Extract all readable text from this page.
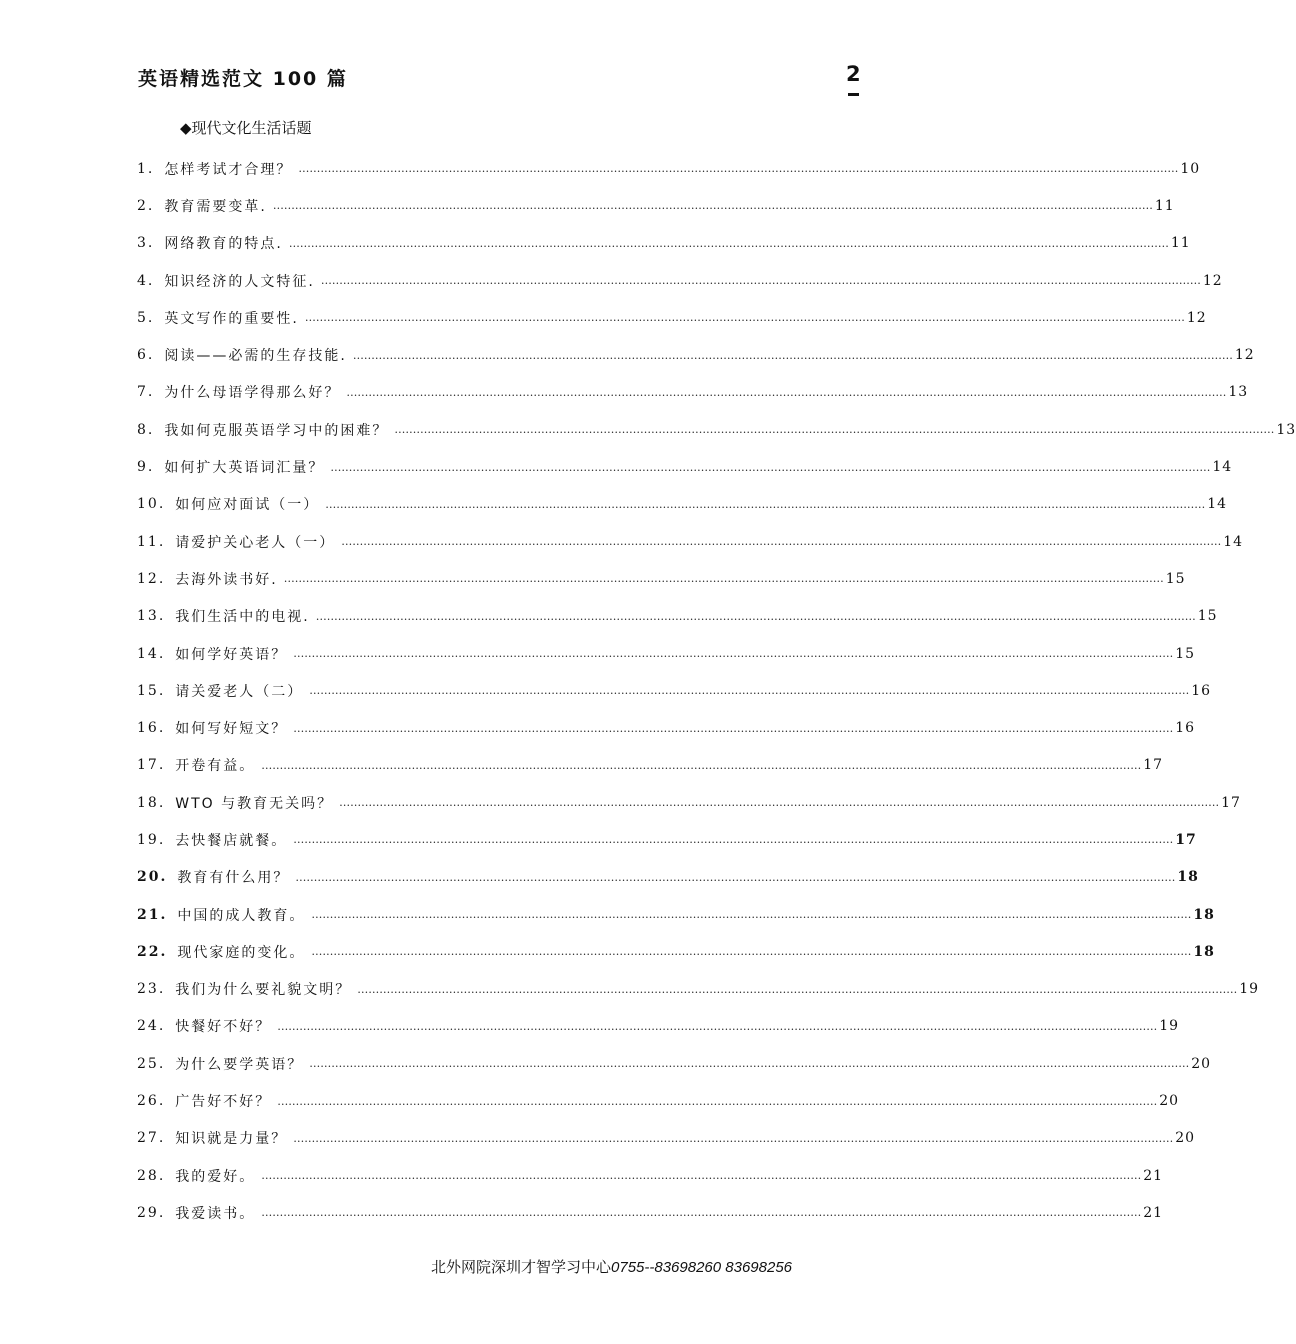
英语精选范文 100 篇	2
◆现代文化生活话题
1. 怎样考试才合理？ …………………………………………………………………………………………………………………………………………………………………………………………………………………… 10
2. 教育需要变革. …………………………………………………………………………………………………………………………………………………………………………………………………………………… 11
3. 网络教育的特点. …………………………………………………………………………………………………………………………………………………………………………………………………………………… 11
4. 知识经济的人文特征. …………………………………………………………………………………………………………………………………………………………………………………………………………………… 12
5. 英文写作的重要性. …………………………………………………………………………………………………………………………………………………………………………………………………………………… 12
6. 阅读——必需的生存技能. …………………………………………………………………………………………………………………………………………………………………………………………………………………… 12
7. 为什么母语学得那么好？ …………………………………………………………………………………………………………………………………………………………………………………………………………………… 13
8. 我如何克服英语学习中的困难？ …………………………………………………………………………………………………………………………………………………………………………………………………………………… 13
9. 如何扩大英语词汇量？ …………………………………………………………………………………………………………………………………………………………………………………………………………………… 14
10. 如何应对面试（一） …………………………………………………………………………………………………………………………………………………………………………………………………………………… 14
11. 请爱护关心老人（一） …………………………………………………………………………………………………………………………………………………………………………………………………………………… 14
12. 去海外读书好. …………………………………………………………………………………………………………………………………………………………………………………………………………………… 15
13. 我们生活中的电视. …………………………………………………………………………………………………………………………………………………………………………………………………………………… 15
14. 如何学好英语？ …………………………………………………………………………………………………………………………………………………………………………………………………………………… 15
15. 请关爱老人（二） …………………………………………………………………………………………………………………………………………………………………………………………………………………… 16
16. 如何写好短文？ …………………………………………………………………………………………………………………………………………………………………………………………………………………… 16
17. 开卷有益。 …………………………………………………………………………………………………………………………………………………………………………………………………………………… 17
18. WTO 与教育无关吗？ …………………………………………………………………………………………………………………………………………………………………………………………………………………… 17
19. 去快餐店就餐。 …………………………………………………………………………………………………………………………………………………………………………………………………………………… 17
20. 教育有什么用？ …………………………………………………………………………………………………………………………………………………………………………………………………………………… 18
21. 中国的成人教育。 …………………………………………………………………………………………………………………………………………………………………………………………………………………… 18
22. 现代家庭的变化。 …………………………………………………………………………………………………………………………………………………………………………………………………………………… 18
23. 我们为什么要礼貌文明？ …………………………………………………………………………………………………………………………………………………………………………………………………………………… 19
24. 快餐好不好？ …………………………………………………………………………………………………………………………………………………………………………………………………………………… 19
25. 为什么要学英语？ …………………………………………………………………………………………………………………………………………………………………………………………………………………… 20
26. 广告好不好？ …………………………………………………………………………………………………………………………………………………………………………………………………………………… 20
27. 知识就是力量？ …………………………………………………………………………………………………………………………………………………………………………………………………………………… 20
28. 我的爱好。 …………………………………………………………………………………………………………………………………………………………………………………………………………………… 21
29. 我爱读书。 …………………………………………………………………………………………………………………………………………………………………………………………………………………… 21
北外网院深圳才智学习中心0755--83698260 83698256
